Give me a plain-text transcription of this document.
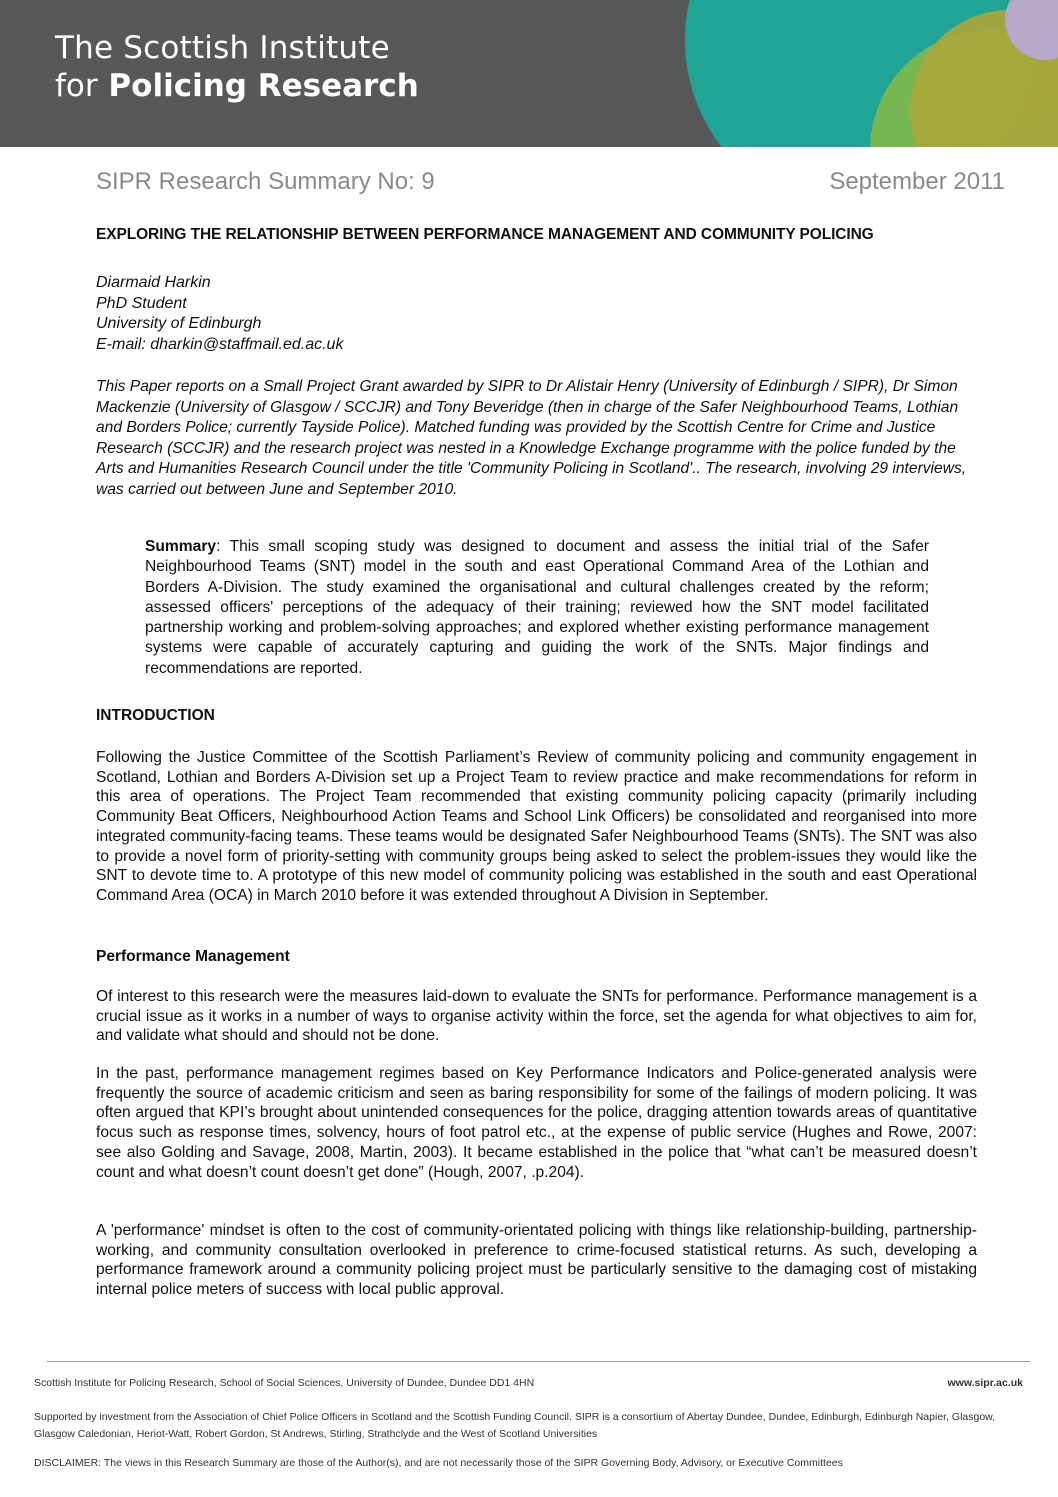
The Scottish Institute
for Policing Research
SIPR Research Summary No: 9	September 2011
EXPLORING THE RELATIONSHIP BETWEEN PERFORMANCE MANAGEMENT AND COMMUNITY POLICING
Diarmaid Harkin
PhD Student
University of Edinburgh
E-mail: dharkin@staffmail.ed.ac.uk
This Paper reports on a Small Project Grant awarded by SIPR to Dr Alistair Henry (University of Edinburgh / SIPR), Dr Simon Mackenzie (University of Glasgow / SCCJR) and Tony Beveridge (then in charge of the Safer Neighbourhood Teams, Lothian and Borders Police; currently Tayside Police). Matched funding was provided by the Scottish Centre for Crime and Justice Research (SCCJR) and the research project was nested in a Knowledge Exchange programme with the police funded by the Arts and Humanities Research Council under the title 'Community Policing in Scotland'.. The research, involving 29 interviews, was carried out between June and September 2010.
Summary: This small scoping study was designed to document and assess the initial trial of the Safer Neighbourhood Teams (SNT) model in the south and east Operational Command Area of the Lothian and Borders A-Division. The study examined the organisational and cultural challenges created by the reform; assessed officers' perceptions of the adequacy of their training; reviewed how the SNT model facilitated partnership working and problem-solving approaches; and explored whether existing performance management systems were capable of accurately capturing and guiding the work of the SNTs. Major findings and recommendations are reported.
INTRODUCTION
Following the Justice Committee of the Scottish Parliament’s Review of community policing and community engagement in Scotland, Lothian and Borders A-Division set up a Project Team to review practice and make recommendations for reform in this area of operations. The Project Team recommended that existing community policing capacity (primarily including Community Beat Officers, Neighbourhood Action Teams and School Link Officers) be consolidated and reorganised into more integrated community-facing teams. These teams would be designated Safer Neighbourhood Teams (SNTs). The SNT was also to provide a novel form of priority-setting with community groups being asked to select the problem-issues they would like the SNT to devote time to. A prototype of this new model of community policing was established in the south and east Operational Command Area (OCA) in March 2010 before it was extended throughout A Division in September.
Performance Management
Of interest to this research were the measures laid-down to evaluate the SNTs for performance. Performance management is a crucial issue as it works in a number of ways to organise activity within the force, set the agenda for what objectives to aim for, and validate what should and should not be done.
In the past, performance management regimes based on Key Performance Indicators and Police-generated analysis were frequently the source of academic criticism and seen as baring responsibility for some of the failings of modern policing. It was often argued that KPI’s brought about unintended consequences for the police, dragging attention towards areas of quantitative focus such as response times, solvency, hours of foot patrol etc., at the expense of public service (Hughes and Rowe, 2007: see also Golding and Savage, 2008, Martin, 2003). It became established in the police that “what can’t be measured doesn’t count and what doesn’t count doesn’t get done” (Hough, 2007, .p.204).
A 'performance' mindset is often to the cost of community-orientated policing with things like relationship-building, partnership-working, and community consultation overlooked in preference to crime-focused statistical returns. As such, developing a performance framework around a community policing project must be particularly sensitive to the damaging cost of mistaking internal police meters of success with local public approval.
Scottish Institute for Policing Research, School of Social Sciences, University of Dundee, Dundee DD1 4HN	www.sipr.ac.uk
Supported by investment from the Association of Chief Police Officers in Scotland and the Scottish Funding Council. SIPR is a consortium of Abertay Dundee, Dundee, Edinburgh, Edinburgh Napier, Glasgow, Glasgow Caledonian, Heriot-Watt, Robert Gordon, St Andrews, Stirling, Strathclyde and the West of Scotland Universities
DISCLAIMER: The views in this Research Summary are those of the Author(s), and are not necessarily those of the SIPR Governing Body, Advisory, or Executive Committees
